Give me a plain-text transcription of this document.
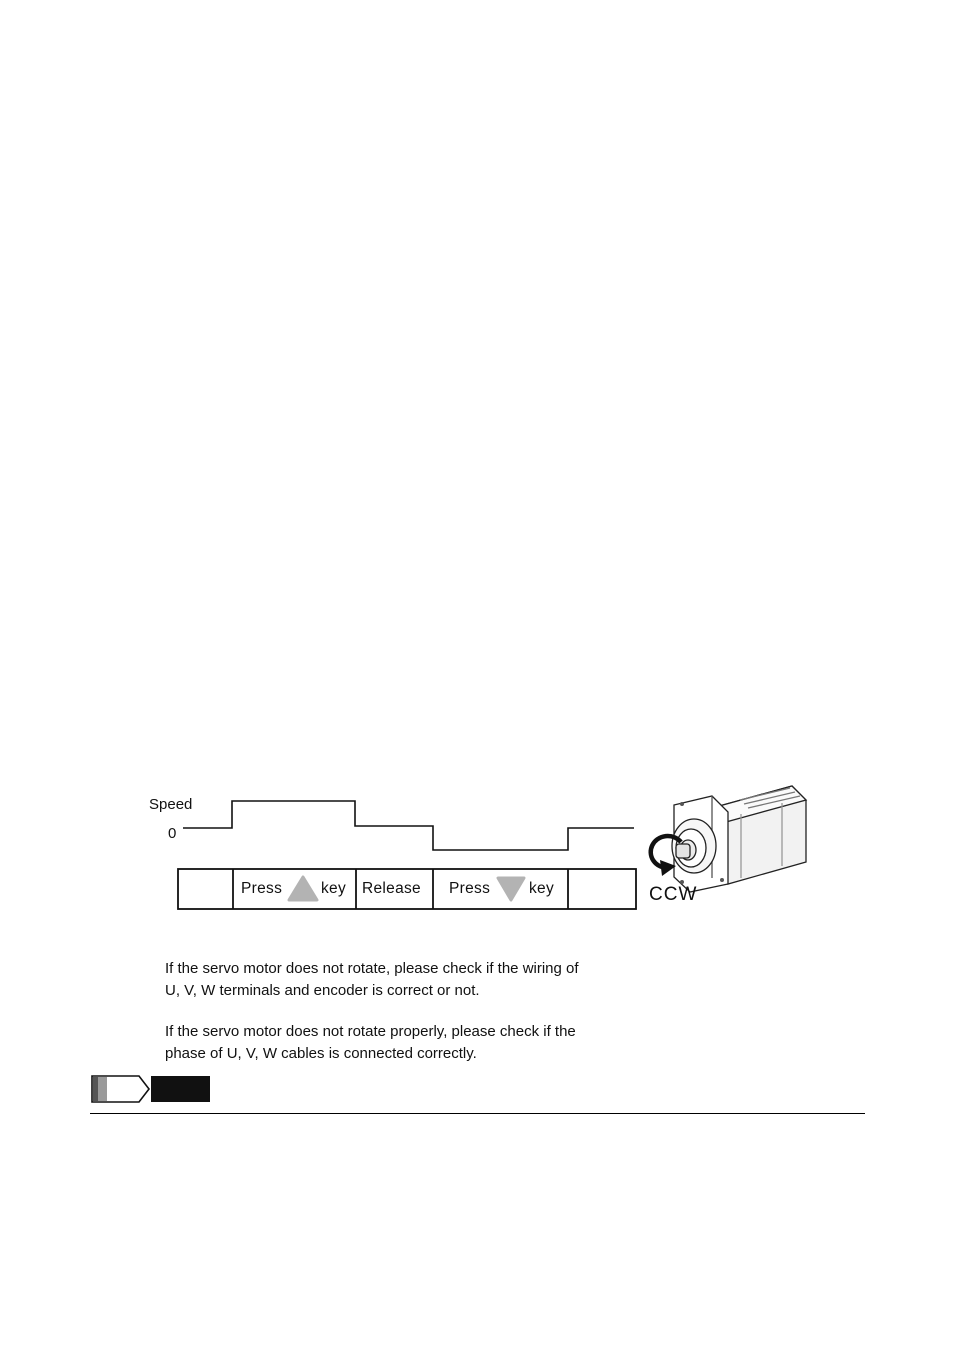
Speed
0
Press	key Release Press	key	CCW
If the servo motor does not rotate, please check if the wiring of
U, V, W terminals and encoder is correct or not.
If the servo motor does not rotate properly, please check if the
phase of U, V, W cables is connected correctly.
